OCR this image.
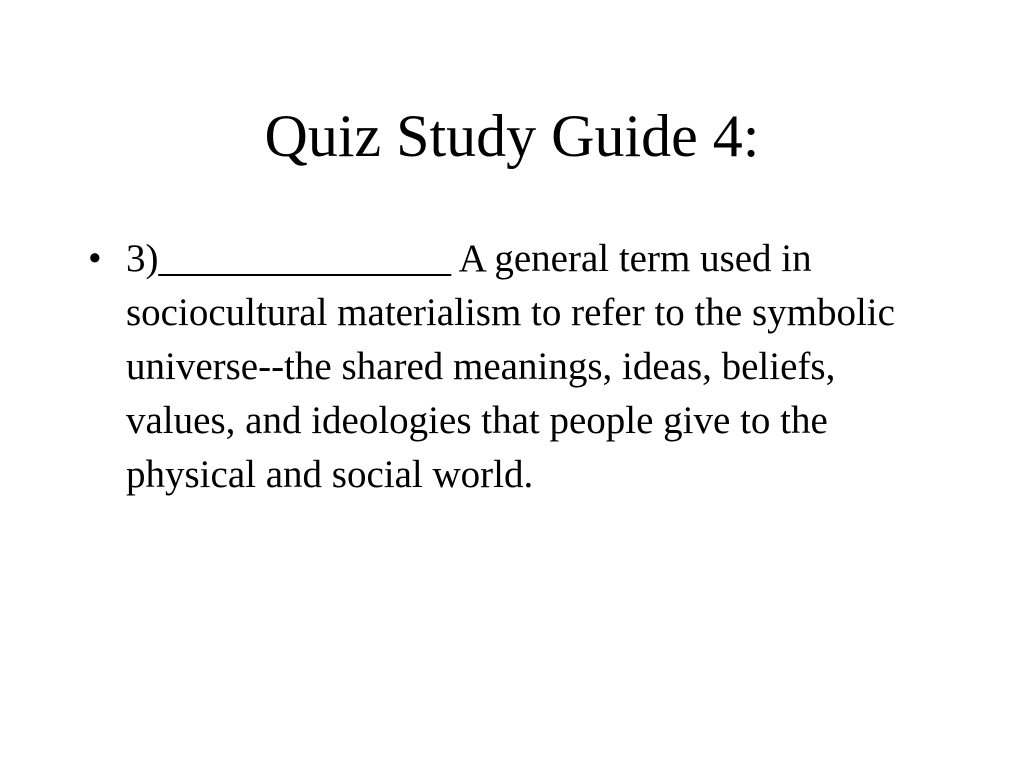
Quiz Study Guide 4:
• 3)_______________ A general term used in sociocultural materialism to refer to the symbolic universe--the shared meanings, ideas, beliefs, values, and ideologies that people give to the physical and social world.
